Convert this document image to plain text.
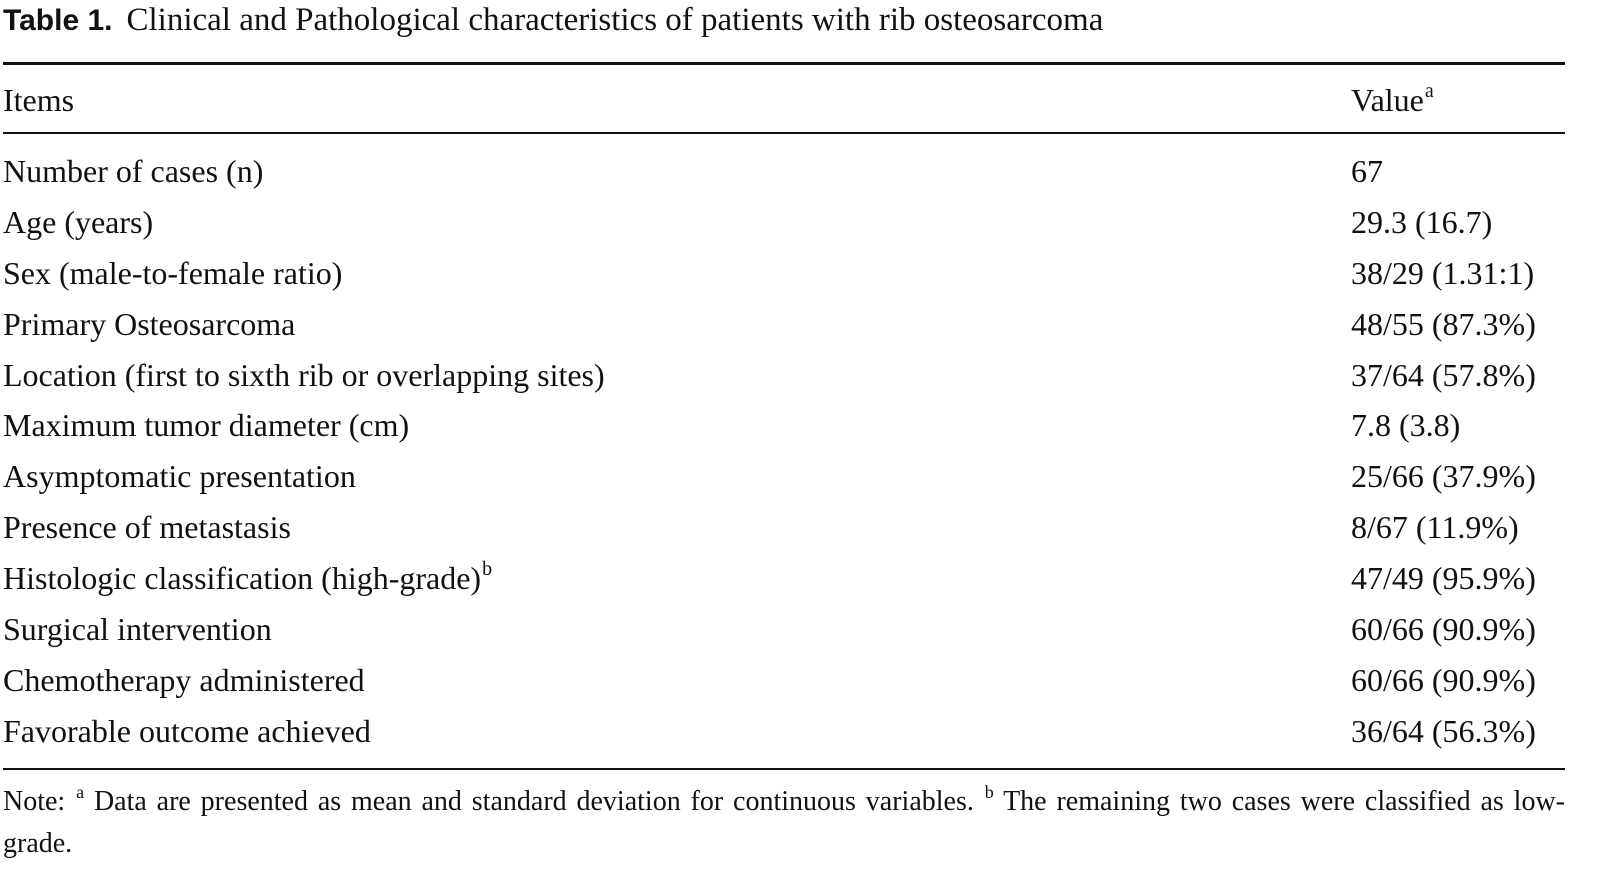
Table 1. Clinical and Pathological characteristics of patients with rib osteosarcoma
Items	Value$^a$
Number of cases (n)	67
Age (years)	29.3 (16.7)
Sex (male-to-female ratio)	38/29 (1.31:1)
Primary Osteosarcoma	48/55 (87.3%)
Location (first to sixth rib or overlapping sites)	37/64 (57.8%)
Maximum tumor diameter (cm)	7.8 (3.8)
Asymptomatic presentation	25/66 (37.9%)
Presence of metastasis	8/67 (11.9%)
Histologic classification (high-grade)$^b$	47/49 (95.9%)
Surgical intervention	60/66 (90.9%)
Chemotherapy administered	60/66 (90.9%)
Favorable outcome achieved	36/64 (56.3%)
Note: $^a$ Data are presented as mean and standard deviation for continuous variables. $^b$ The remaining two cases were classified as low-grade.
